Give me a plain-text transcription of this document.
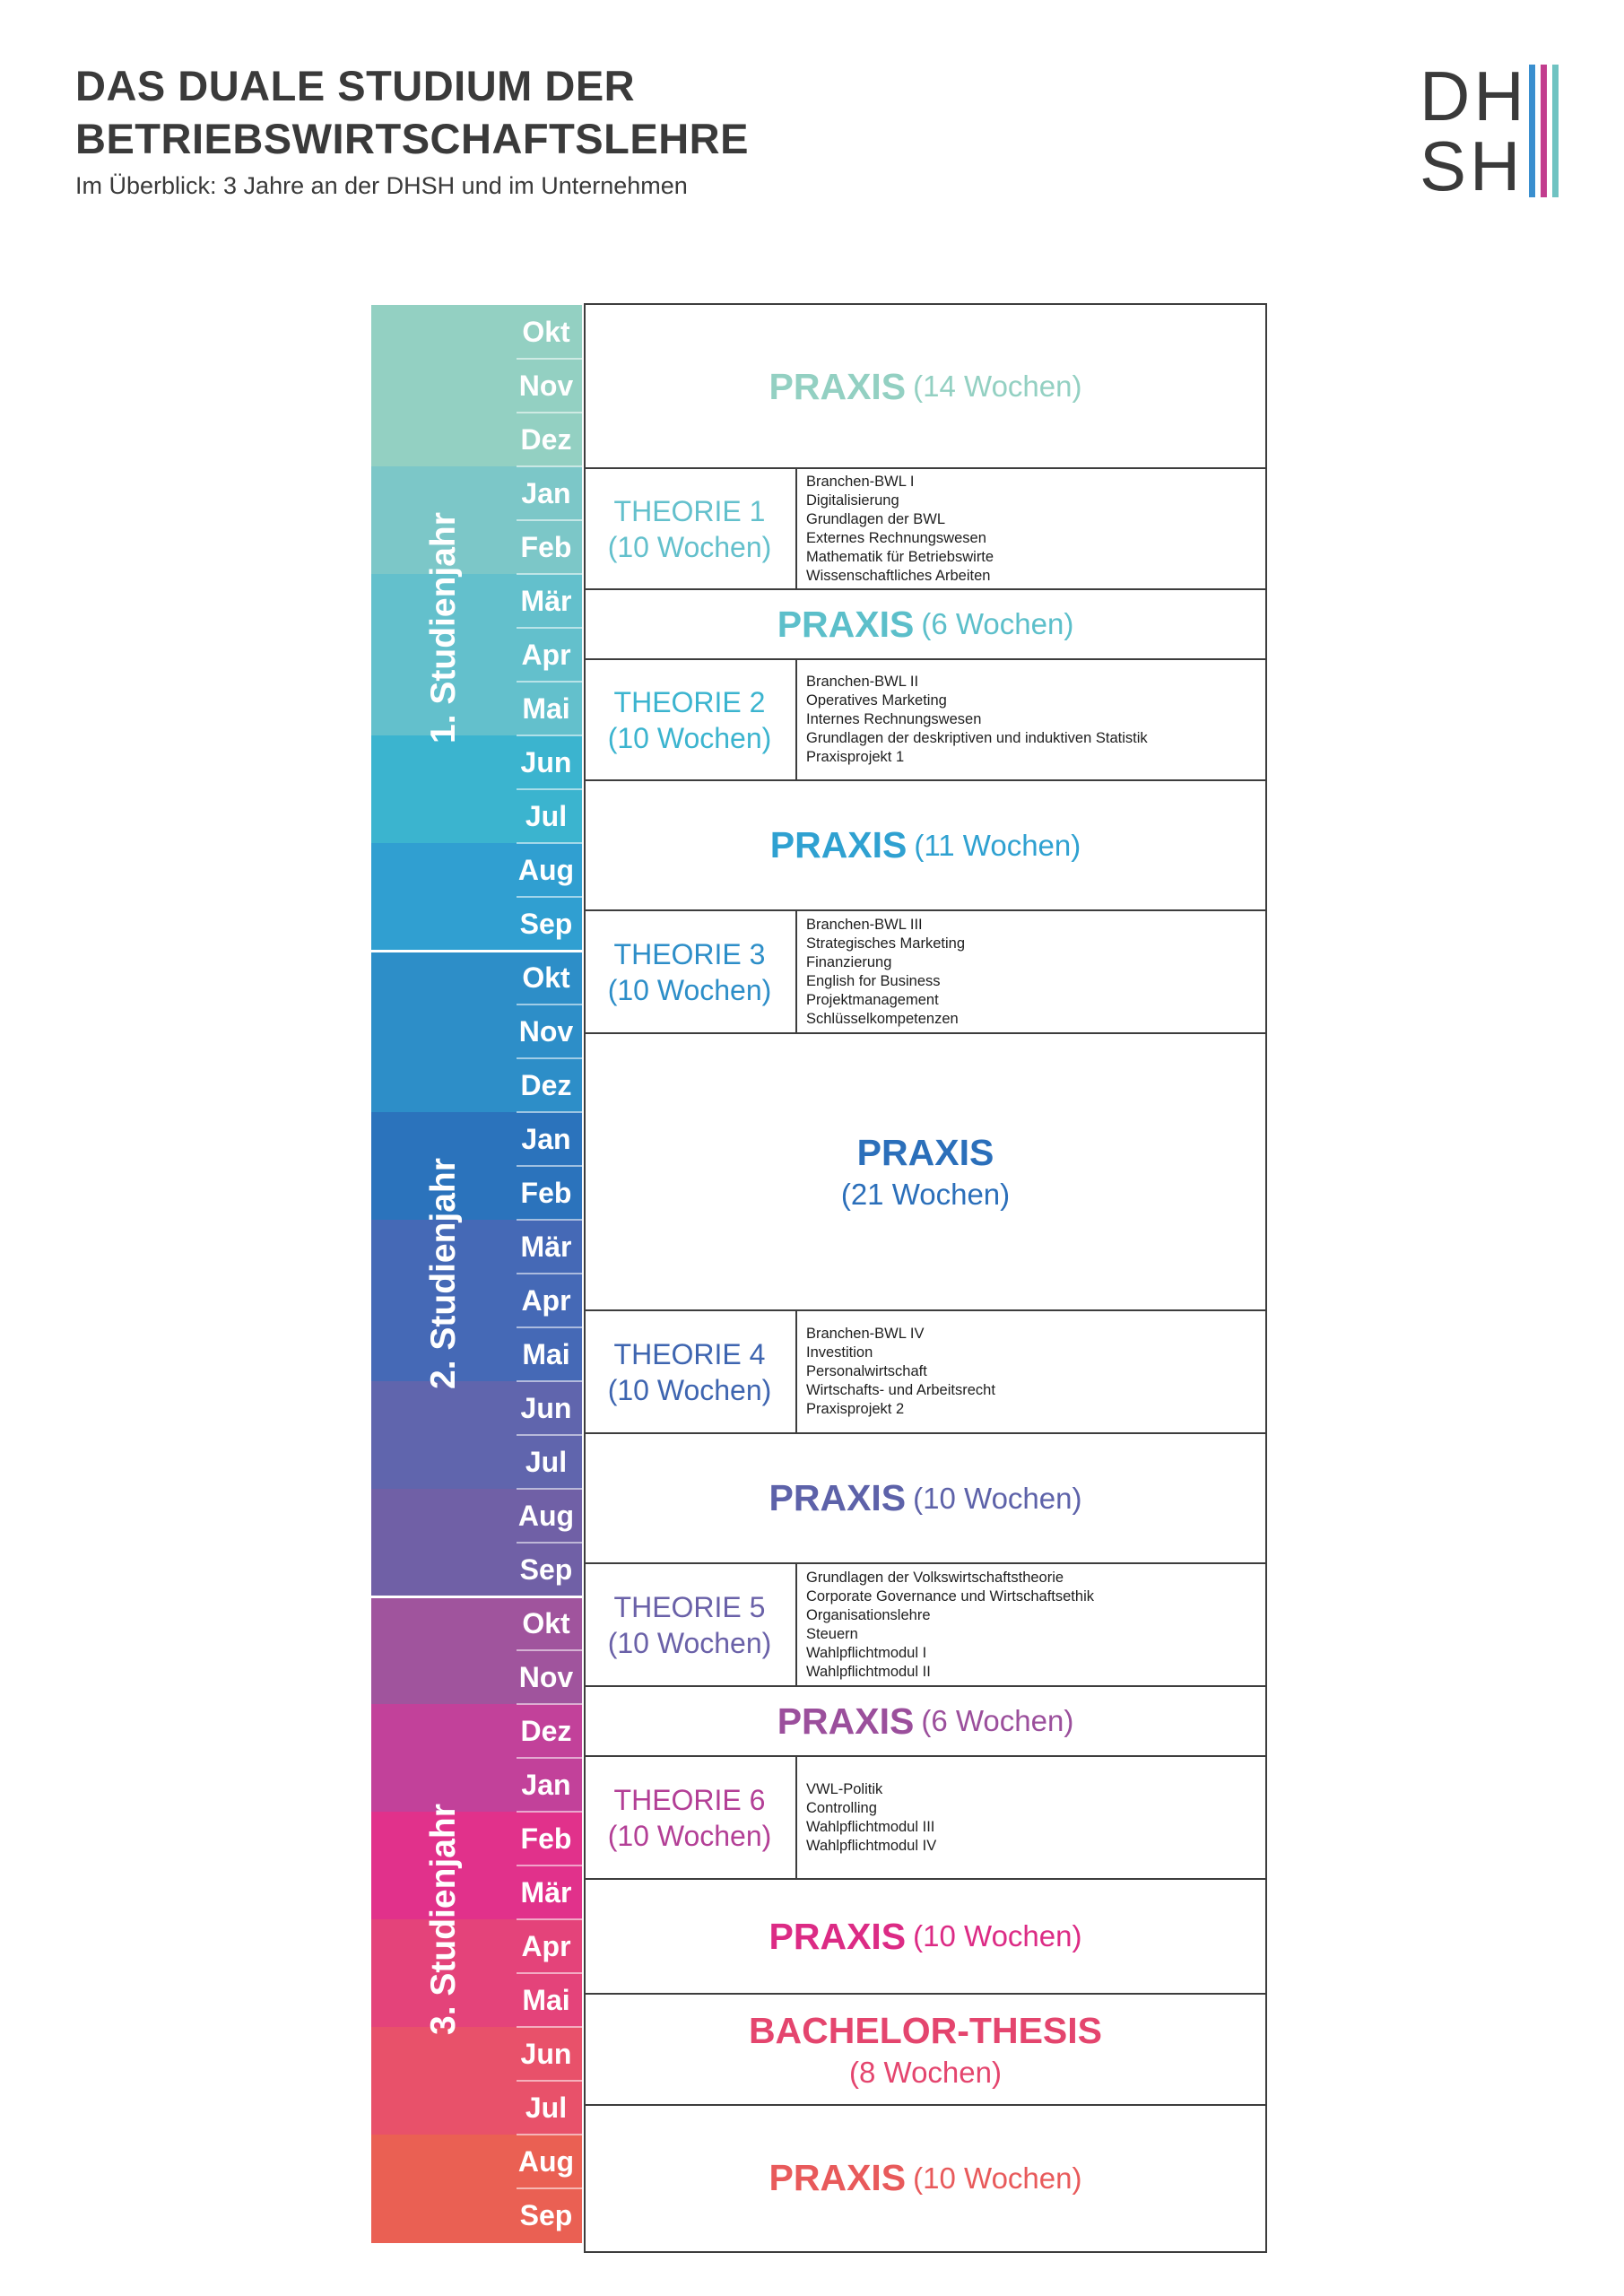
DAS DUALE STUDIUM DER
BETRIEBSWIRTSCHAFTSLEHRE

Im Überblick: 3 Jahre an der DHSH und im Unternehmen

DH
SH
Okt
Nov
Dez
Jan
Feb
Mär
Apr
Mai
Jun
Jul
Aug
Sep
Okt
Nov
Dez
Jan
Feb
Mär
Apr
Mai
Jun
Jul
Aug
Sep
Okt
Nov
Dez
Jan
Feb
Mär
Apr
Mai
Jun
Jul
Aug
Sep
1. Studienjahr
2. Studienjahr
3. Studienjahr
PRAXIS (14 Wochen)
THEORIE 1
(10 Wochen)
Branchen-BWL I
Digitalisierung
Grundlagen der BWL
Externes Rechnungswesen
Mathematik für Betriebswirte
Wissenschaftliches Arbeiten
PRAXIS (6 Wochen)
THEORIE 2
(10 Wochen)
Branchen-BWL II
Operatives Marketing
Internes Rechnungswesen
Grundlagen der deskriptiven und induktiven Statistik
Praxisprojekt 1
PRAXIS (11 Wochen)
THEORIE 3
(10 Wochen)
Branchen-BWL III
Strategisches Marketing
Finanzierung
English for Business
Projektmanagement
Schlüsselkompetenzen
PRAXIS
(21 Wochen)
THEORIE 4
(10 Wochen)
Branchen-BWL IV
Investition
Personalwirtschaft
Wirtschafts- und Arbeitsrecht
Praxisprojekt 2
PRAXIS (10 Wochen)
THEORIE 5
(10 Wochen)
Grundlagen der Volkswirtschaftstheorie
Corporate Governance und Wirtschaftsethik
Organisationslehre
Steuern
Wahlpflichtmodul I
Wahlpflichtmodul II
PRAXIS (6 Wochen)
THEORIE 6
(10 Wochen)
VWL-Politik
Controlling
Wahlpflichtmodul III
Wahlpflichtmodul IV
PRAXIS (10 Wochen)
BACHELOR-THESIS
(8 Wochen)
PRAXIS (10 Wochen)
